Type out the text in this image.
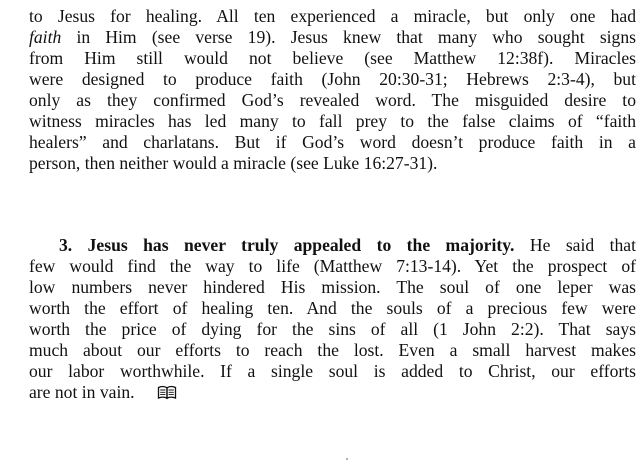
to Jesus for healing. All ten experienced a miracle, but only one had
faith in Him (see verse 19). Jesus knew that many who sought signs
from Him still would not believe (see Matthew 12:38f). Miracles
were designed to produce faith (John 20:30-31; Hebrews 2:3-4), but
only as they confirmed God’s revealed word. The misguided desire to
witness miracles has led many to fall prey to the false claims of “faith
healers” and charlatans. But if God’s word doesn’t produce faith in a
person, then neither would a miracle (see Luke 16:27-31).
3. Jesus has never truly appealed to the majority. He said that
few would find the way to life (Matthew 7:13-14). Yet the prospect of
low numbers never hindered His mission. The soul of one leper was
worth the effort of healing ten. And the souls of a precious few were
worth the price of dying for the sins of all (1 John 2:2). That says
much about our efforts to reach the lost. Even a small harvest makes
our labor worthwhile. If a single soul is added to Christ, our efforts
are not in vain.
